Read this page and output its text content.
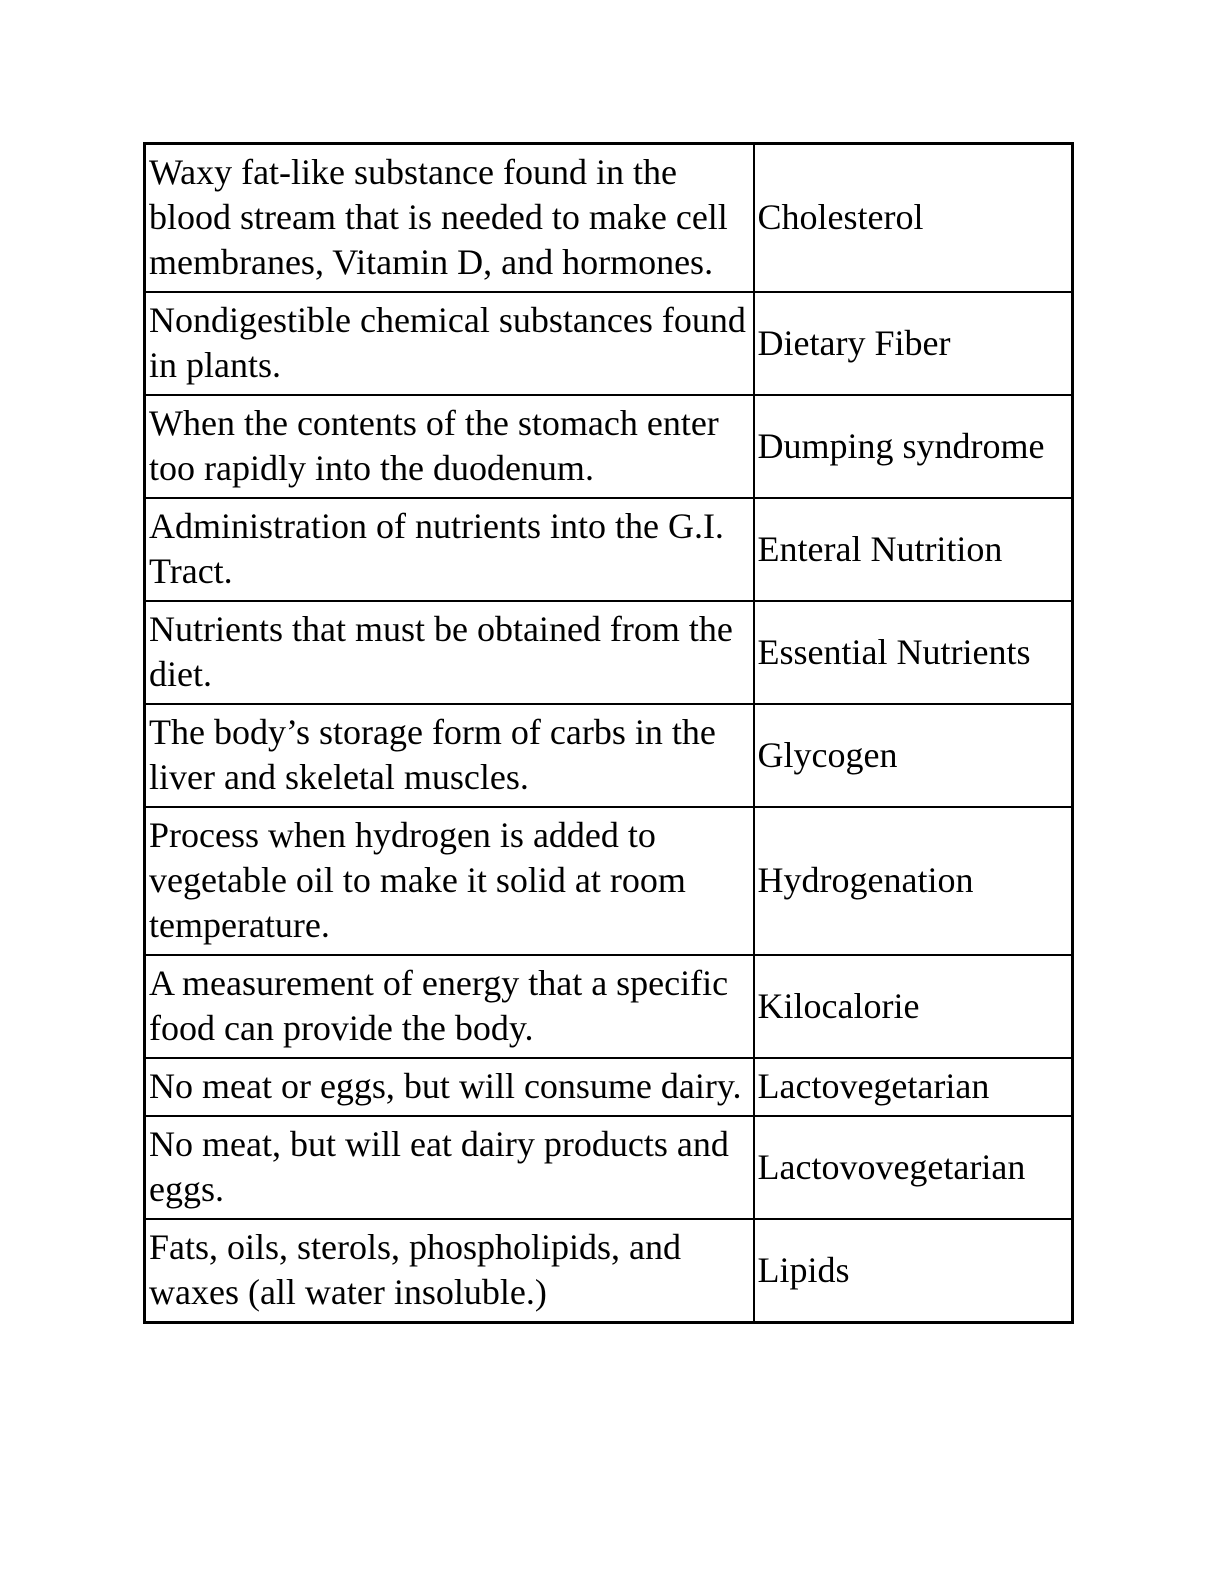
Waxy fat-like substance found in the blood stream that is needed to make cell membranes, Vitamin D, and hormones.	Cholesterol
Nondigestible chemical substances found in plants.	Dietary Fiber
When the contents of the stomach enter too rapidly into the duodenum.	Dumping syndrome
Administration of nutrients into the G.I. Tract.	Enteral Nutrition
Nutrients that must be obtained from the diet.	Essential Nutrients
The body’s storage form of carbs in the liver and skeletal muscles.	Glycogen
Process when hydrogen is added to vegetable oil to make it solid at room temperature.	Hydrogenation
A measurement of energy that a specific food can provide the body.	Kilocalorie
No meat or eggs, but will consume dairy.	Lactovegetarian
No meat, but will eat dairy products and eggs.	Lactovovegetarian
Fats, oils, sterols, phospholipids, and waxes (all water insoluble.)	Lipids
